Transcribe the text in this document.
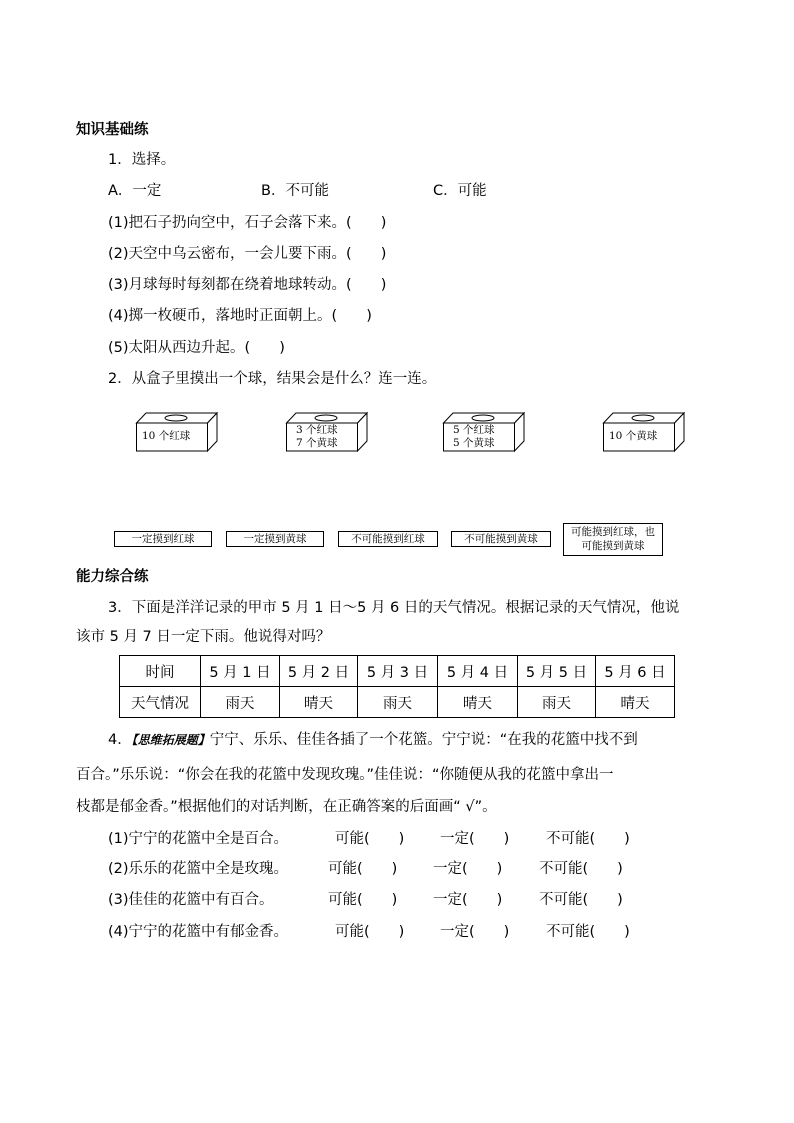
知识基础练
1．选择。
A．一定	B．不可能	C．可能
(1)把石子扔向空中，石子会落下来。(　　)
(2)天空中乌云密布，一会儿要下雨。(　　)
(3)月球每时每刻都在绕着地球转动。(　　)
(4)掷一枚硬币，落地时正面朝上。(　　)
(5)太阳从西边升起。(　　)
2．从盒子里摸出一个球，结果会是什么？连一连。
10 个红球	3 个红球
7 个黄球
5 个红球
5 个黄球
10 个黄球
一定摸到红球	一定摸到黄球	不可能摸到红球	不可能摸到黄球
可能摸到红球，也
可能摸到黄球
能力综合练
3．下面是洋洋记录的甲市 5 月 1 日～5 月 6 日的天气情况。根据记录的天气情况，他说
该市 5 月 7 日一定下雨。他说得对吗？
时间	5 月 1 日	5 月 2 日	5 月 3 日	5 月 4 日	5 月 5 日	5 月 6 日
天气情况	雨天	晴天	雨天	晴天	雨天	晴天
4．【思维拓展题】宁宁、乐乐、佳佳各插了一个花篮。宁宁说：“在我的花篮中找不到
百合。”乐乐说：“你会在我的花篮中发现玫瑰。”佳佳说：“你随便从我的花篮中拿出一
枝都是郁金香。”根据他们的对话判断，在正确答案的后面画“ √”。
(1)宁宁的花篮中全是百合。	可能(　　) 一定(　　)	不可能(　　)
(2)乐乐的花篮中全是玫瑰。	可能(　　) 一定(　　)	不可能(　　)
(3)佳佳的花篮中有百合。	可能(　　) 一定(　　)	不可能(　　)
(4)宁宁的花篮中有郁金香。	可能(　　) 一定(　　)	不可能(　　)
